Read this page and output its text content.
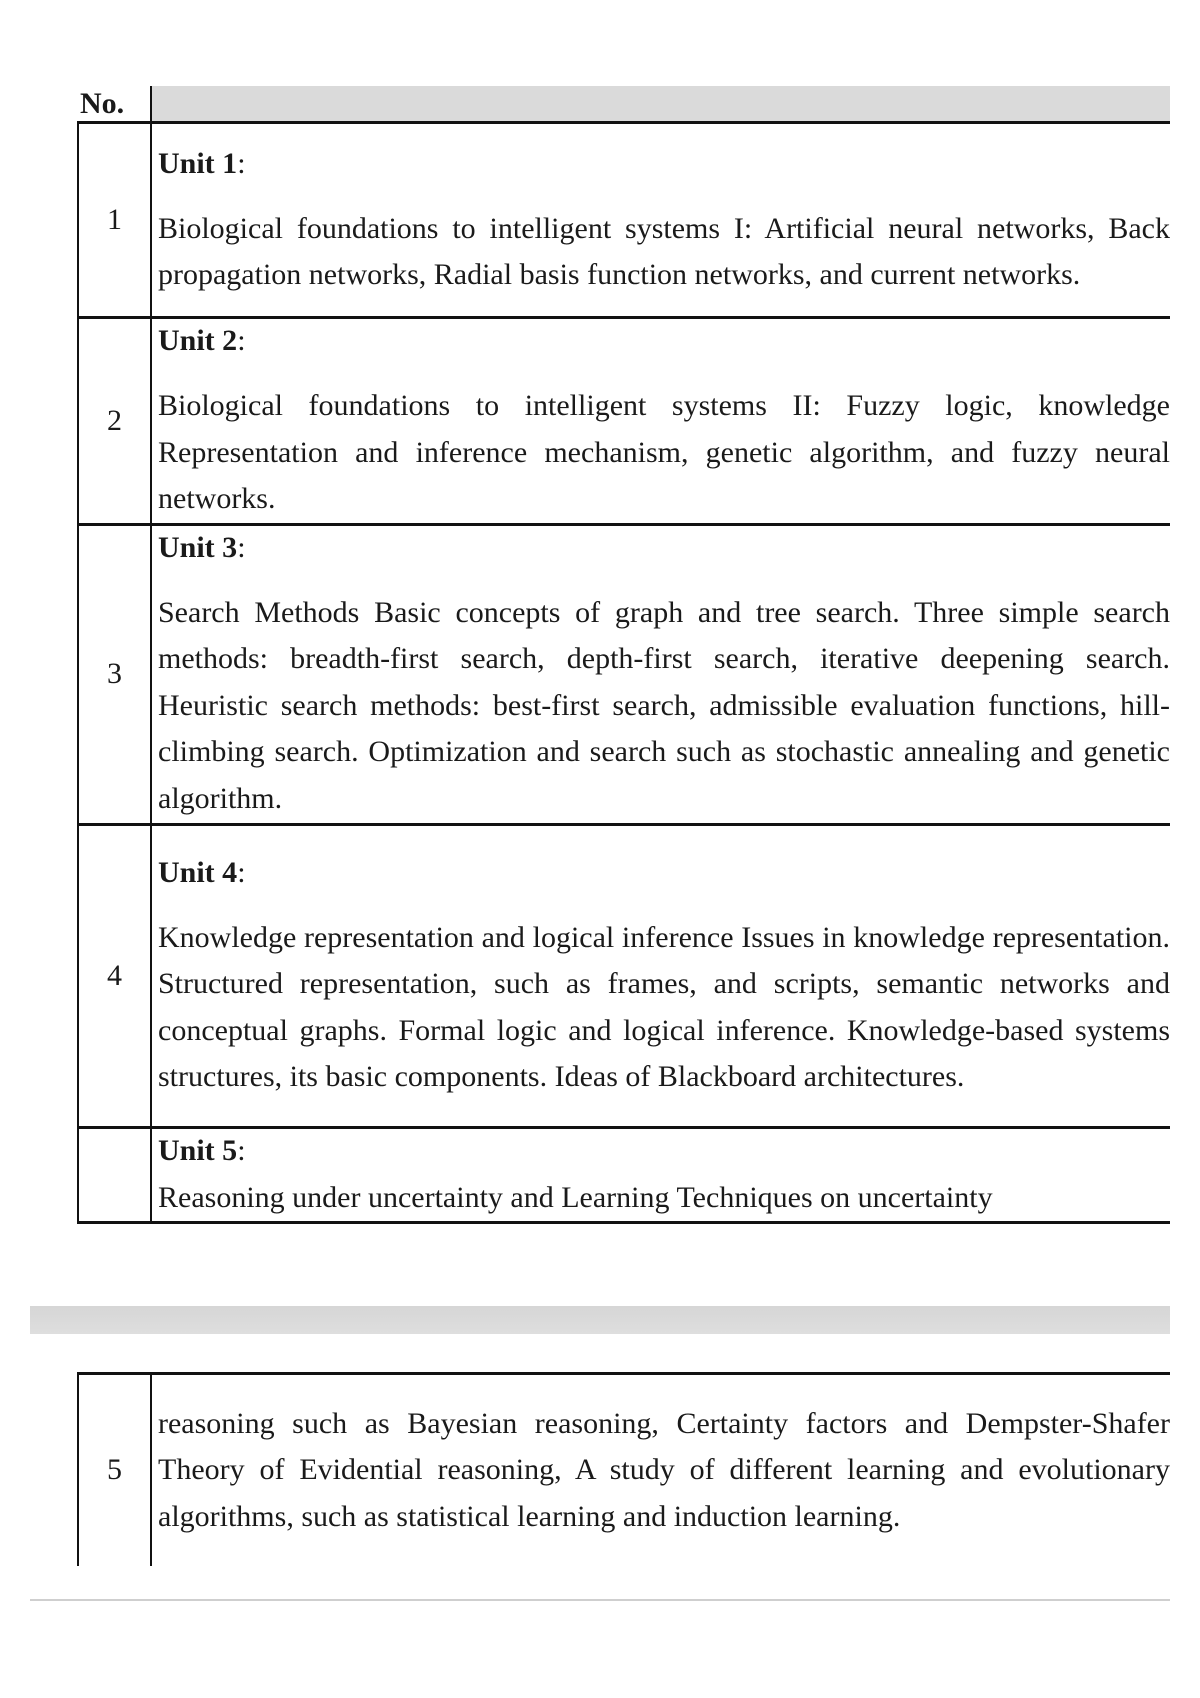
No.	
1	Unit 1:
Biological foundations to intelligent systems I: Artificial neural networks, Back propagation networks, Radial basis function networks, and current networks.

2	Unit 2:
Biological foundations to intelligent systems II: Fuzzy logic, knowledge Representation and inference mechanism, genetic algorithm, and fuzzy neural networks.

3	Unit 3:
Search Methods Basic concepts of graph and tree search. Three simple search methods: breadth-first search, depth-first search, iterative deepening search. Heuristic search methods: best-first search, admissible evaluation functions, hill-climbing search. Optimization and search such as stochastic annealing and genetic algorithm.

4	Unit 4:
Knowledge representation and logical inference Issues in knowledge representation. Structured representation, such as frames, and scripts, semantic networks and conceptual graphs. Formal logic and logical inference. Knowledge-based systems structures, its basic components. Ideas of Blackboard architectures.

	Unit 5:
Reasoning under uncertainty and Learning Techniques on uncertainty
5	reasoning such as Bayesian reasoning, Certainty factors and Dempster-Shafer Theory of Evidential reasoning, A study of different learning and evolutionary algorithms, such as statistical learning and induction learning.
